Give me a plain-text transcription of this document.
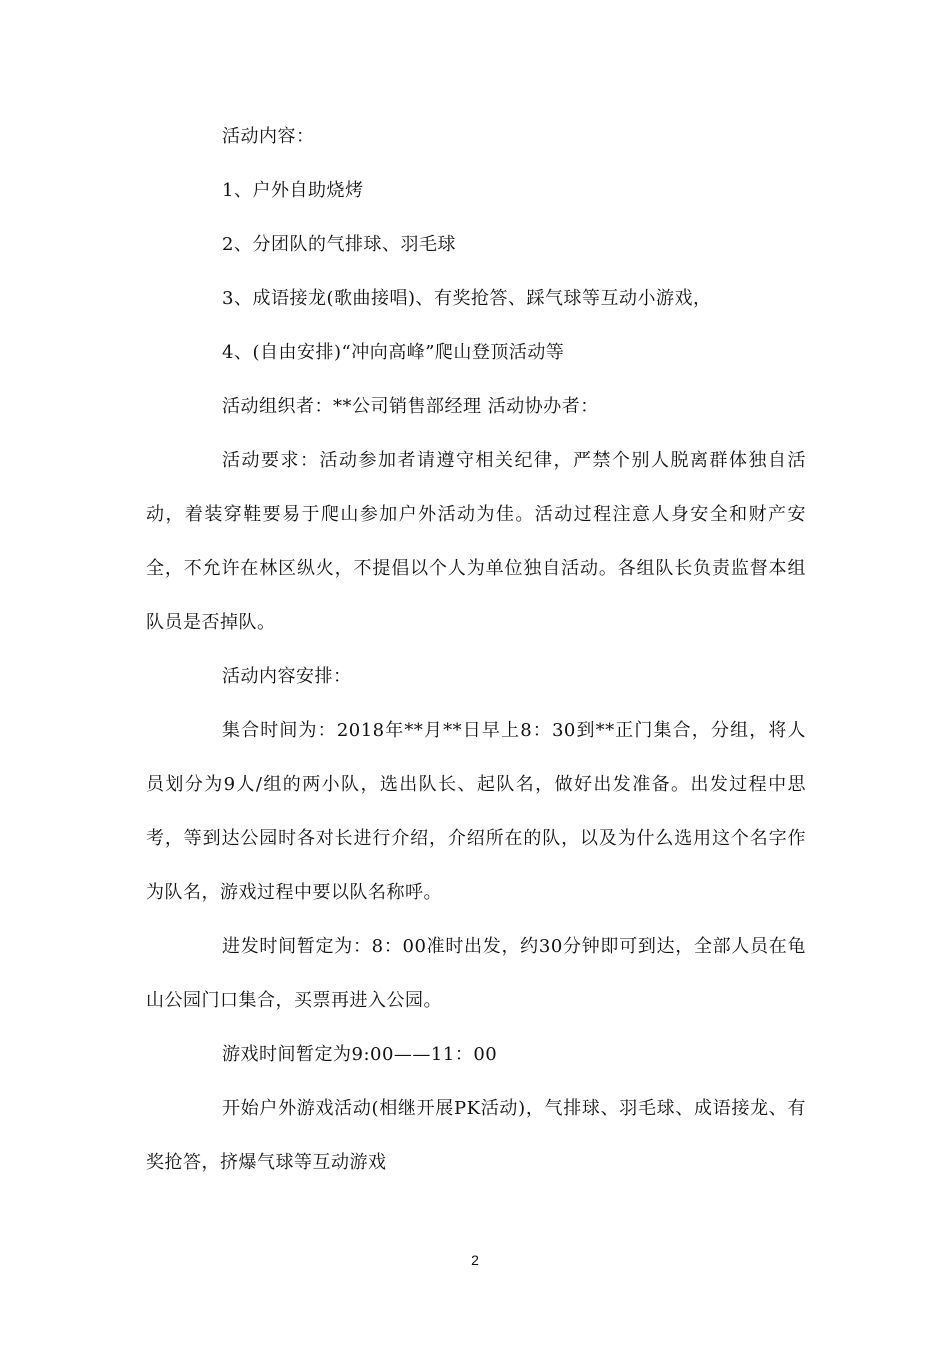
活动内容：

1、户外自助烧烤

2、分团队的气排球、羽毛球

3、成语接龙(歌曲接唱)、有奖抢答、踩气球等互动小游戏，

4、(自由安排)“冲向高峰”爬山登顶活动等

活动组织者：**公司销售部经理 活动协办者：

活动要求：活动参加者请遵守相关纪律，严禁个别人脱离群体独自活动，着装穿鞋要易于爬山参加户外活动为佳。活动过程注意人身安全和财产安全，不允许在林区纵火，不提倡以个人为单位独自活动。各组队长负责监督本组队员是否掉队。

活动内容安排：

集合时间为：2018年**月**日早上8：30到**正门集合，分组，将人员划分为9人/组的两小队，选出队长、起队名，做好出发准备。出发过程中思考，等到达公园时各对长进行介绍，介绍所在的队，以及为什么选用这个名字作为队名，游戏过程中要以队名称呼。

进发时间暂定为：8：00准时出发，约30分钟即可到达，全部人员在龟山公园门口集合，买票再进入公园。

游戏时间暂定为9:00——11：00

开始户外游戏活动(相继开展PK活动)，气排球、羽毛球、成语接龙、有奖抢答，挤爆气球等互动游戏

2
